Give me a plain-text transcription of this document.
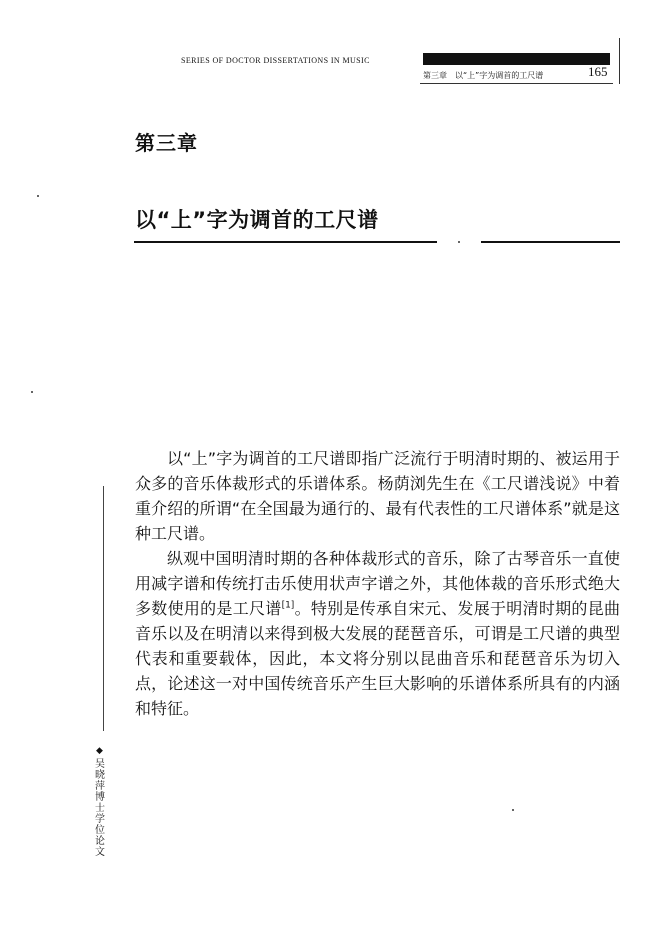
SERIES OF DOCTOR DISSERTATIONS IN MUSIC
第三章　以“上”字为调首的工尺谱	165
第三章
以“上”字为调首的工尺谱

以“上”字为调首的工尺谱即指广泛流行于明清时期的、被运用于众多的音乐体裁形式的乐谱体系。杨荫浏先生在《工尺谱浅说》中着重介绍的所谓“在全国最为通行的、最有代表性的工尺谱体系”就是这种工尺谱。

纵观中国明清时期的各种体裁形式的音乐，除了古琴音乐一直使用减字谱和传统打击乐使用状声字谱之外，其他体裁的音乐形式绝大多数使用的是工尺谱[1]。特别是传承自宋元、发展于明清时期的昆曲音乐以及在明清以来得到极大发展的琵琶音乐，可谓是工尺谱的典型代表和重要载体，因此，本文将分别以昆曲音乐和琵琶音乐为切入点，论述这一对中国传统音乐产生巨大影响的乐谱体系所具有的内涵和特征。

◆
吴晓萍博士学位论文
